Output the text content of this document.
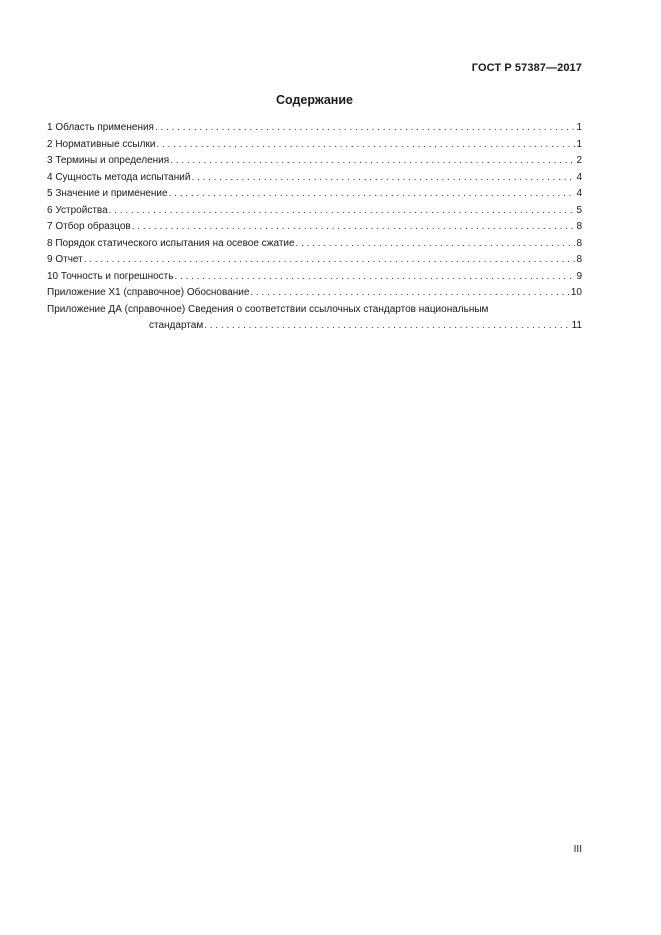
ГОСТ Р 57387—2017
Содержание
1 Область применения . . .	1
2 Нормативные ссылки . . .	1
3 Термины и определения . . .	2
4 Сущность метода испытаний . . .	4
5 Значение и применение . . .	4
6 Устройства . . .	5
7 Отбор образцов . . .	8
8 Порядок статического испытания на осевое сжатие . . .	8
9 Отчет . . .	8
10 Точность и погрешность . . .	9
Приложение Х1 (справочное) Обоснование . . .	10
Приложение ДА (справочное) Сведения о соответствии ссылочных стандартов национальным
стандартам . . .	11
III
